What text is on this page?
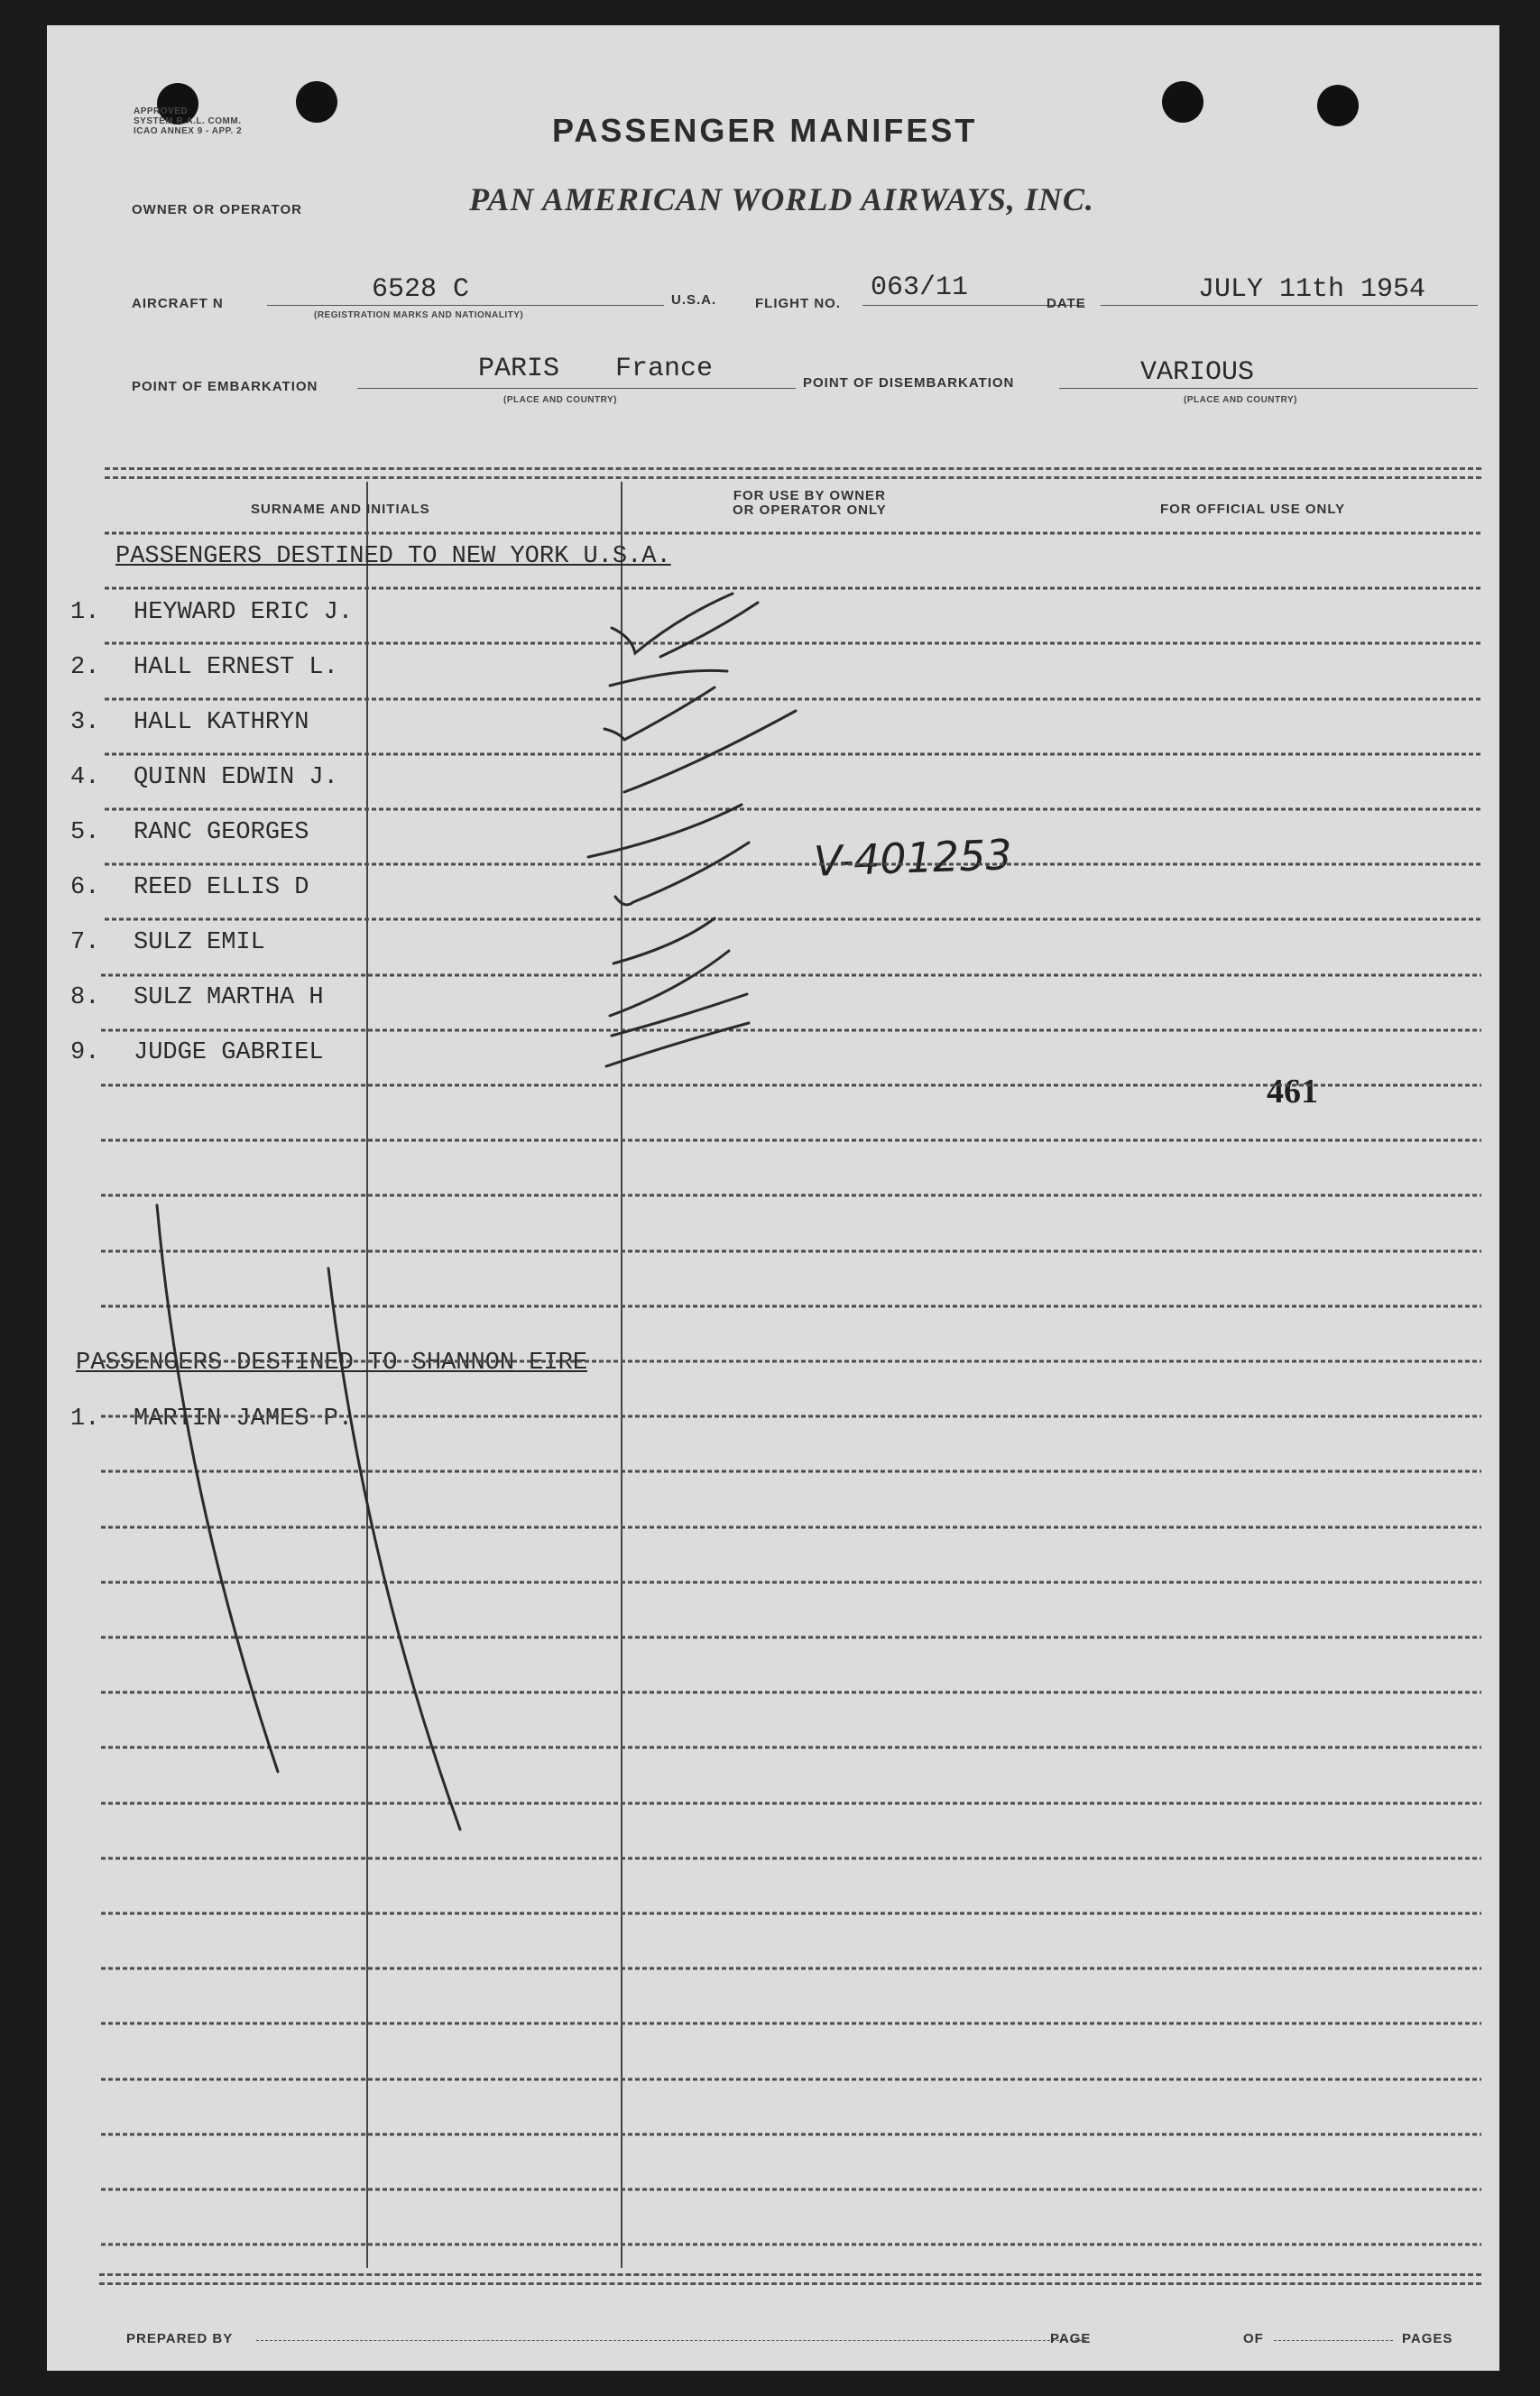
APPROVED
SYSTEM R.A.L. COMM.
ICAO ANNEX 9 - APP. 2	PASSENGER MANIFEST
OWNER OR OPERATOR	PAN AMERICAN WORLD AIRWAYS, INC.
AIRCRAFT N	6528 C
(REGISTRATION MARKS AND NATIONALITY)
U.S.A.	FLIGHT NO.
063/11
DATE	JULY 11th 1954
POINT OF EMBARKATION
PARIS France
(PLACE AND COUNTRY)
POINT OF DISEMBARKATION	VARIOUS
(PLACE AND COUNTRY)
SURNAME AND INITIALS
FOR USE BY OWNER
OR OPERATOR ONLY	FOR OFFICIAL USE ONLY
PASSENGERS DESTINED TO NEW YORK U.S.A.
1. HEYWARD ERIC J.
2. HALL ERNEST L.
3. HALL KATHRYN
4. QUINN EDWIN J.
5. RANC GEORGES
6. REED ELLIS D
7. SULZ EMIL
8. SULZ MARTHA H
9. JUDGE GABRIEL
V-401253
461
PASSENGERS DESTINED TO SHANNON EIRE
1. MARTIN JAMES P.
PREPARED BY	PAGE	OF	PAGES
